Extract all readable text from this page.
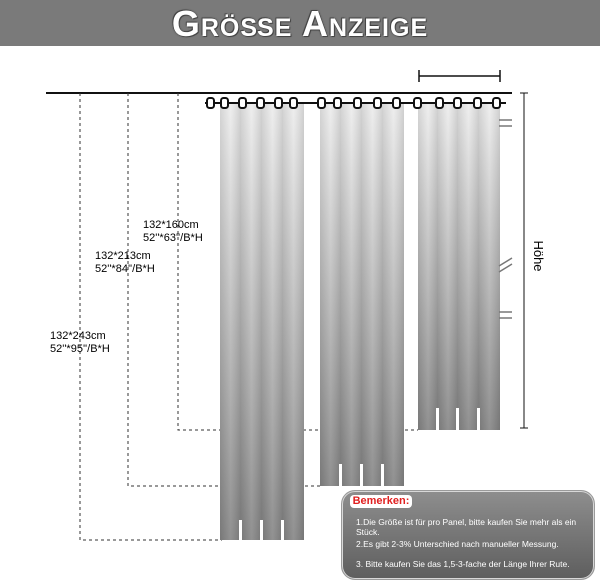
Größe Anzeige
132*160cm
52''*63''/B*H
132*213cm
52''*84''/B*H
132*243cm
52''*95''/B*H
Höhe
Bemerken:
1.Die Größe ist für pro Panel, bitte kaufen Sie mehr als ein Stück.
2.Es gibt 2-3% Unterschied nach manueller Messung.
3. Bitte kaufen Sie das 1,5-3-fache der Länge Ihrer Rute.
